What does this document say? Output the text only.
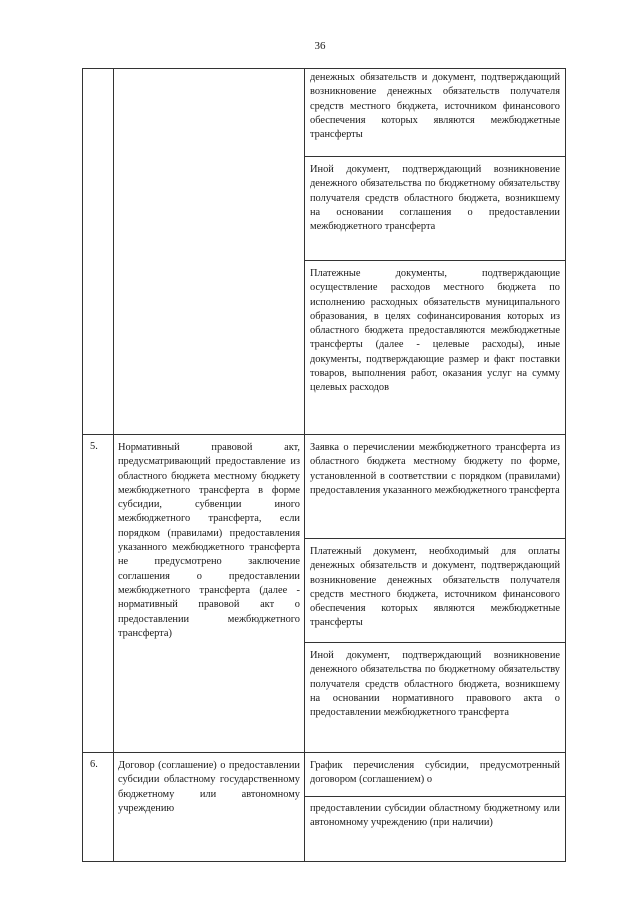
36
денежных обязательств и документ, подтверждающий возникновение денежных обязательств получателя средств местного бюджета, источником финансового обеспечения которых являются межбюджетные трансферты
Иной документ, подтверждающий возникновение денежного обязательства по бюджетному обязательству получателя средств областного бюджета, возникшему на основании соглашения о предоставлении межбюджетного трансферта
Платежные документы, подтверждающие осуществление расходов местного бюджета по исполнению расходных обязательств муниципального образования, в целях софинансирования которых из областного бюджета предоставляются межбюджетные трансферты (далее - целевые расходы), иные документы, подтверждающие размер и факт поставки товаров, выполнения работ, оказания услуг на сумму целевых расходов
5. Нормативный правовой акт, предусматривающий предоставление из областного бюджета местному бюджету межбюджетного трансферта в форме субсидии, субвенции иного межбюджетного трансферта, если порядком (правилами) предоставления указанного межбюджетного трансферта не предусмотрено заключение соглашения о предоставлении межбюджетного трансферта (далее - нормативный правовой акт о предоставлении межбюджетного трансферта)
Заявка о перечислении межбюджетного трансферта из областного бюджета местному бюджету по форме, установленной в соответствии с порядком (правилами) предоставления указанного межбюджетного трансферта
Платежный документ, необходимый для оплаты денежных обязательств и документ, подтверждающий возникновение денежных обязательств получателя средств местного бюджета, источником финансового обеспечения которых являются межбюджетные трансферты
Иной документ, подтверждающий возникновение денежного обязательства по бюджетному обязательству получателя средств областного бюджета, возникшему на основании нормативного правового акта о предоставлении межбюджетного трансферта
6. Договор (соглашение) о предоставлении субсидии областному государственному бюджетному или автономному учреждению
График перечисления субсидии, предусмотренный договором (соглашением) о
предоставлении субсидии областному бюджетному или автономному учреждению (при наличии)
